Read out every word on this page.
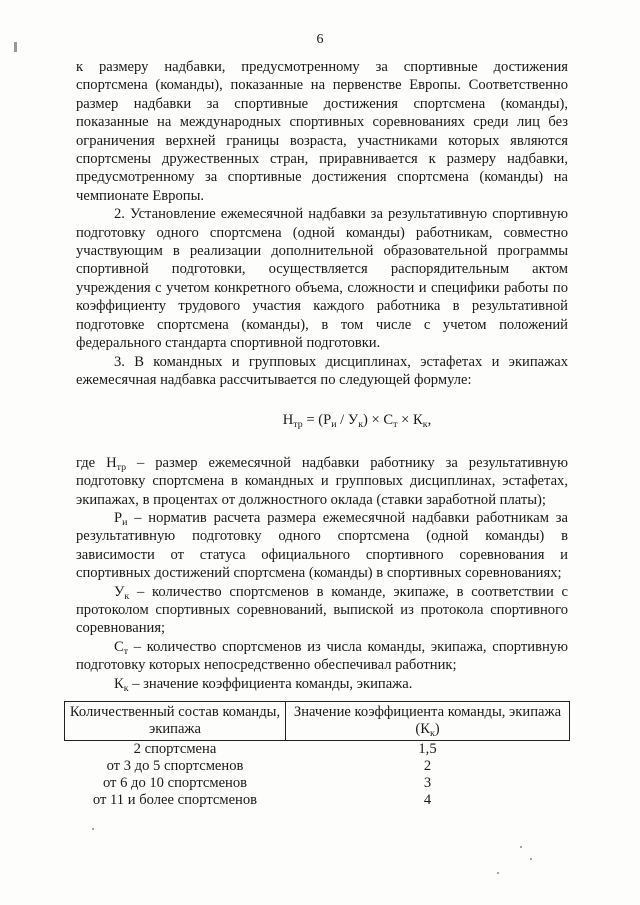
6

к размеру надбавки, предусмотренному за спортивные достижения спортсмена (команды), показанные на первенстве Европы. Соответственно размер надбавки за спортивные достижения спортсмена (команды), показанные на международных спортивных соревнованиях среди лиц без ограничения верхней границы возраста, участниками которых являются спортсмены дружественных стран, приравнивается к размеру надбавки, предусмотренному за спортивные достижения спортсмена (команды) на чемпионате Европы.

2. Установление ежемесячной надбавки за результативную спортивную подготовку одного спортсмена (одной команды) работникам, совместно участвующим в реализации дополнительной образовательной программы спортивной подготовки, осуществляется распорядительным актом учреждения с учетом конкретного объема, сложности и специфики работы по коэффициенту трудового участия каждого работника в результативной подготовке спортсмена (команды), в том числе с учетом положений федерального стандарта спортивной подготовки.

3. В командных и групповых дисциплинах, эстафетах и экипажах ежемесячная надбавка рассчитывается по следующей формуле:

$Н_{тр} = (Р_и / У_к) \times С_т \times К_к$,

где $Н_{тр}$ – размер ежемесячной надбавки работнику за результативную подготовку спортсмена в командных и групповых дисциплинах, эстафетах, экипажах, в процентах от должностного оклада (ставки заработной платы);

$Р_и$ – норматив расчета размера ежемесячной надбавки работникам за результативную подготовку одного спортсмена (одной команды) в зависимости от статуса официального спортивного соревнования и спортивных достижений спортсмена (команды) в спортивных соревнованиях;

$У_к$ – количество спортсменов в команде, экипаже, в соответствии с протоколом спортивных соревнований, выпиской из протокола спортивного соревнования;

$С_т$ – количество спортсменов из числа команды, экипажа, спортивную подготовку которых непосредственно обеспечивал работник;

$К_к$ – значение коэффициента команды, экипажа.

Количественный состав команды, экипажа	Значение коэффициента команды, экипажа $(К_к)$
2 спортсмена	1,5
от 3 до 5 спортсменов	2
от 6 до 10 спортсменов	3
от 11 и более спортсменов	4
